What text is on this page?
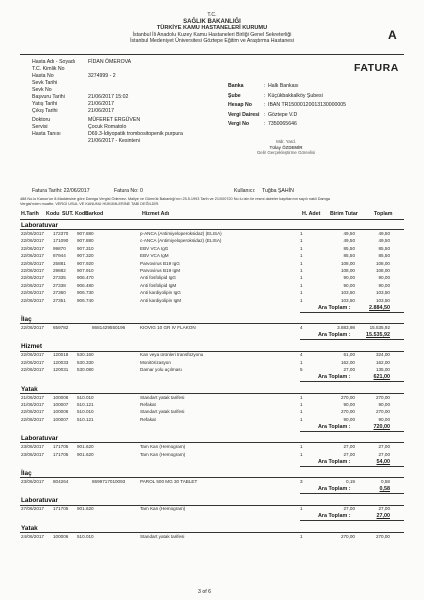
T.C.
SAĞLIK BAKANLIĞI
TÜRKİYE KAMU HASTANELERİ KURUMU
İstanbul İli Anadolu Kuzey Kamu Hastaneleri Birliği Genel Sekreterliği
İstanbul Medeniyet Üniversitesi Göztepe Eğitim ve Araştırma Hastanesi	A
Hasta Adı - Soyadı FİDAN ÖMEROVA
T.C. Kimlik No
Hasta No	3274999 - 2
Sevk Tarihi
Sevk No
Başvuru Tarihi	21/06/2017 15:02
Yatış Tarihi	21/06/2017
Çıkış Tarihi	21/06/2017
Doktoru	MÜFERET ERGÜVEN
Servisi	Çocuk Romatolo
Hasta Tanısı	D69.3-İdiyopatik trombositopenik purpura
21/06/2017 - Kesinteni
FATURA
Banka	: Halk Bankası
Şube	: Küçükbakkalköy Şubesi
Hesap No : IBAN TR15000120013130000005
Vergi Dairesi : Göztepe V.D
Vergi No	: 7350065646
Mdr. Yard.
Tülay ÖZDEMİR
Gelir Gerçekleştirme Görevlisi
Fatura Tarihi: 22/06/2017	Fatura No: 0	Kullanıcı: Tuğba ŞAHİN
488 No.lu Kanun'un 8.Maddesine göre Damga Vergisi Ödemez. Maliye ve Gümrük Bakanlığı'nın 25.5.1993 Tarih ve 21/000720 No lu izin ile resmi daireler kayıtlarının sayılı nakli Damga
Vergisi'nden muaftır. VERGİ USUL VE KANUNU HÜKÜMLERİNE TABİ DEĞİLDİR.
H.Tarih Kodu SUT. Kodu
Barkod	Hizmet Adı	H. Adet Birim Tutar	Toplam
Laboratuvar
22/06/2017 172370 907.880	p-ANCA (Antimiyeloperoksidaz) (ELISA)	1	49,50	49,50
22/06/2017 171090 907.880	c-ANCA (Antimiyeloperoksidaz) (ELISA)	1	49,50	49,50
22/06/2017 99870 907.310	EBV VCA IgG	1	85,50	85,50
22/06/2017 87944 907.320	EBV VCA IgM	1	85,50	85,50
22/06/2017 25881 907.920	Parvovirus B19 IgG	1	108,00	108,00
22/06/2017 29882 907.910	Parvovirus B19 IgM	1	108,00	108,00
22/06/2017 27335 906.470	Anti fosfolipid IgG	1	90,00	90,00
22/06/2017 27338 906.480	Anti fosfolipid IgM	1	90,00	90,00
22/06/2017 27360 906.730	Anti kardiyolipin IgG	1	103,50	103,50
22/06/2017 27351 906.740	Anti kardiyolipin IgM	1	103,50	103,50
Ara Toplam :	2.884,50
İlaç
22/06/2017 659782	8681429550196	KIOVIG 10 GR IV FLAKON	4	3.883,98	15.535,92
Ara Toplam :	15.535,92
Hizmet
22/06/2017 120018 530.160	Kan veya ürünleri transfüzyonu	4	61,00	324,00
22/06/2017 120033 530.330	Monitörizasyon	1	162,00	162,00
22/06/2017 120031 530.080	Damar yolu açılması	5	27,00	135,00
Ara Toplam :	621,00
Yatak
21/06/2017 100006 510.010	Standart yatak tarifesi	1	270,00	270,00
21/06/2017 100007 510.121	Refakat	1	90,00	90,00
22/06/2017 100006 510.010	Standart yatak tarifesi	1	270,00	270,00
22/06/2017 100007 510.121	Refakat	1	90,00	90,00
Ara Toplam :	720,00
Laboratuvar
23/06/2017 171705 901.620	Tam Kan (Hemogram)	1	27,00	27,00
23/06/2017 171705 901.620	Tam Kan (Hemogram)	1	27,00	27,00
Ara Toplam :	54,00
İlaç
23/06/2017 804264	8699717010093	PAROL 500 MG 30 TABLET	3	0,19	0,58
Ara Toplam :	0,58
Laboratuvar
27/06/2017 171705 901.620	Tam Kan (Hemogram)	1	27,00	27,00
Ara Toplam :	27,00
Yatak
24/06/2017 100006 510.010	Standart yatak tarifesi	1	270,00	270,00
3 of 6
